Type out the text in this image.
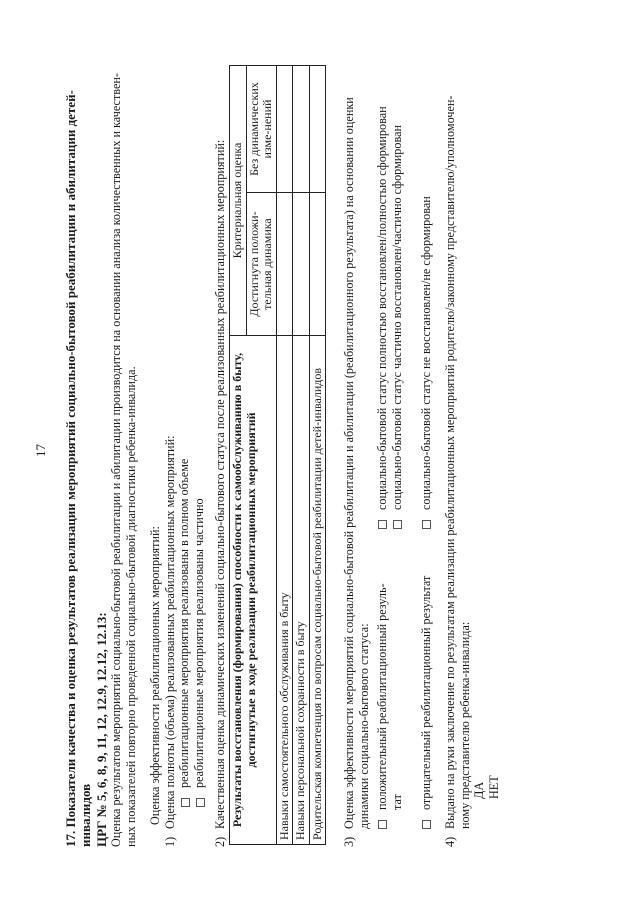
17 17. Показатели качества и оценка результатов реализации мероприятий социально-бытовой реабилитации и абилитации детей-инвалидов ЦРГ № 5, 6, 8, 9, 11, 12, 12.9, 12.12, 12.13: Оценка результатов мероприятий социально-бытовой реабилитации и абилитации производится на основании анализа количественных и качествен- ных показателей повторно проведенной социально-бытовой диагностики ребенка-инвалида. Оценка эффективности реабилитационных мероприятий:

1)
Оценка полноты (объема) реализованных реабилитационных мероприятий: реабилитационные мероприятия реализованы в полном объеме реабилитационные мероприятия реализованы частично
2)
Качественная оценка динамических изменений социально-бытового статуса после реализованных реабилитационных мероприятий: Результаты восстановления (формирования) способности к самообслуживанию в быту,
достигнутые в ходе реализации реабилитационных мероприятий	Критериальная оценка	
	Достигнута положи-тельная динамика	Без динамических изме-нений
Навыки самостоятельного обслуживания в быту		
Навыки персональной сохранности в быту		
Родительская компетенция по вопросам социально-бытовой реабилитации детей-инвалидов		
3)
Оценка эффективности мероприятий социально-бытовой реабилитации и абилитации (реабилитационного результата) на основании оценки динамики социально-бытового статуса: положительный реабилитационный резуль-
тат
социально-бытовой статус полностью восстановлен/полностью сформирован социально-бытовой статус частично восстановлен/частично сформирован
отрицательный реабилитационный результат
социально-бытовой статус не восстановлен/не сформирован
4)
Выдано на руки заключение по результатам реализации реабилитационных мероприятий родителю/законному представителю/уполномочен- ному представителю ребенка-инвалида: ДА НЕТ
